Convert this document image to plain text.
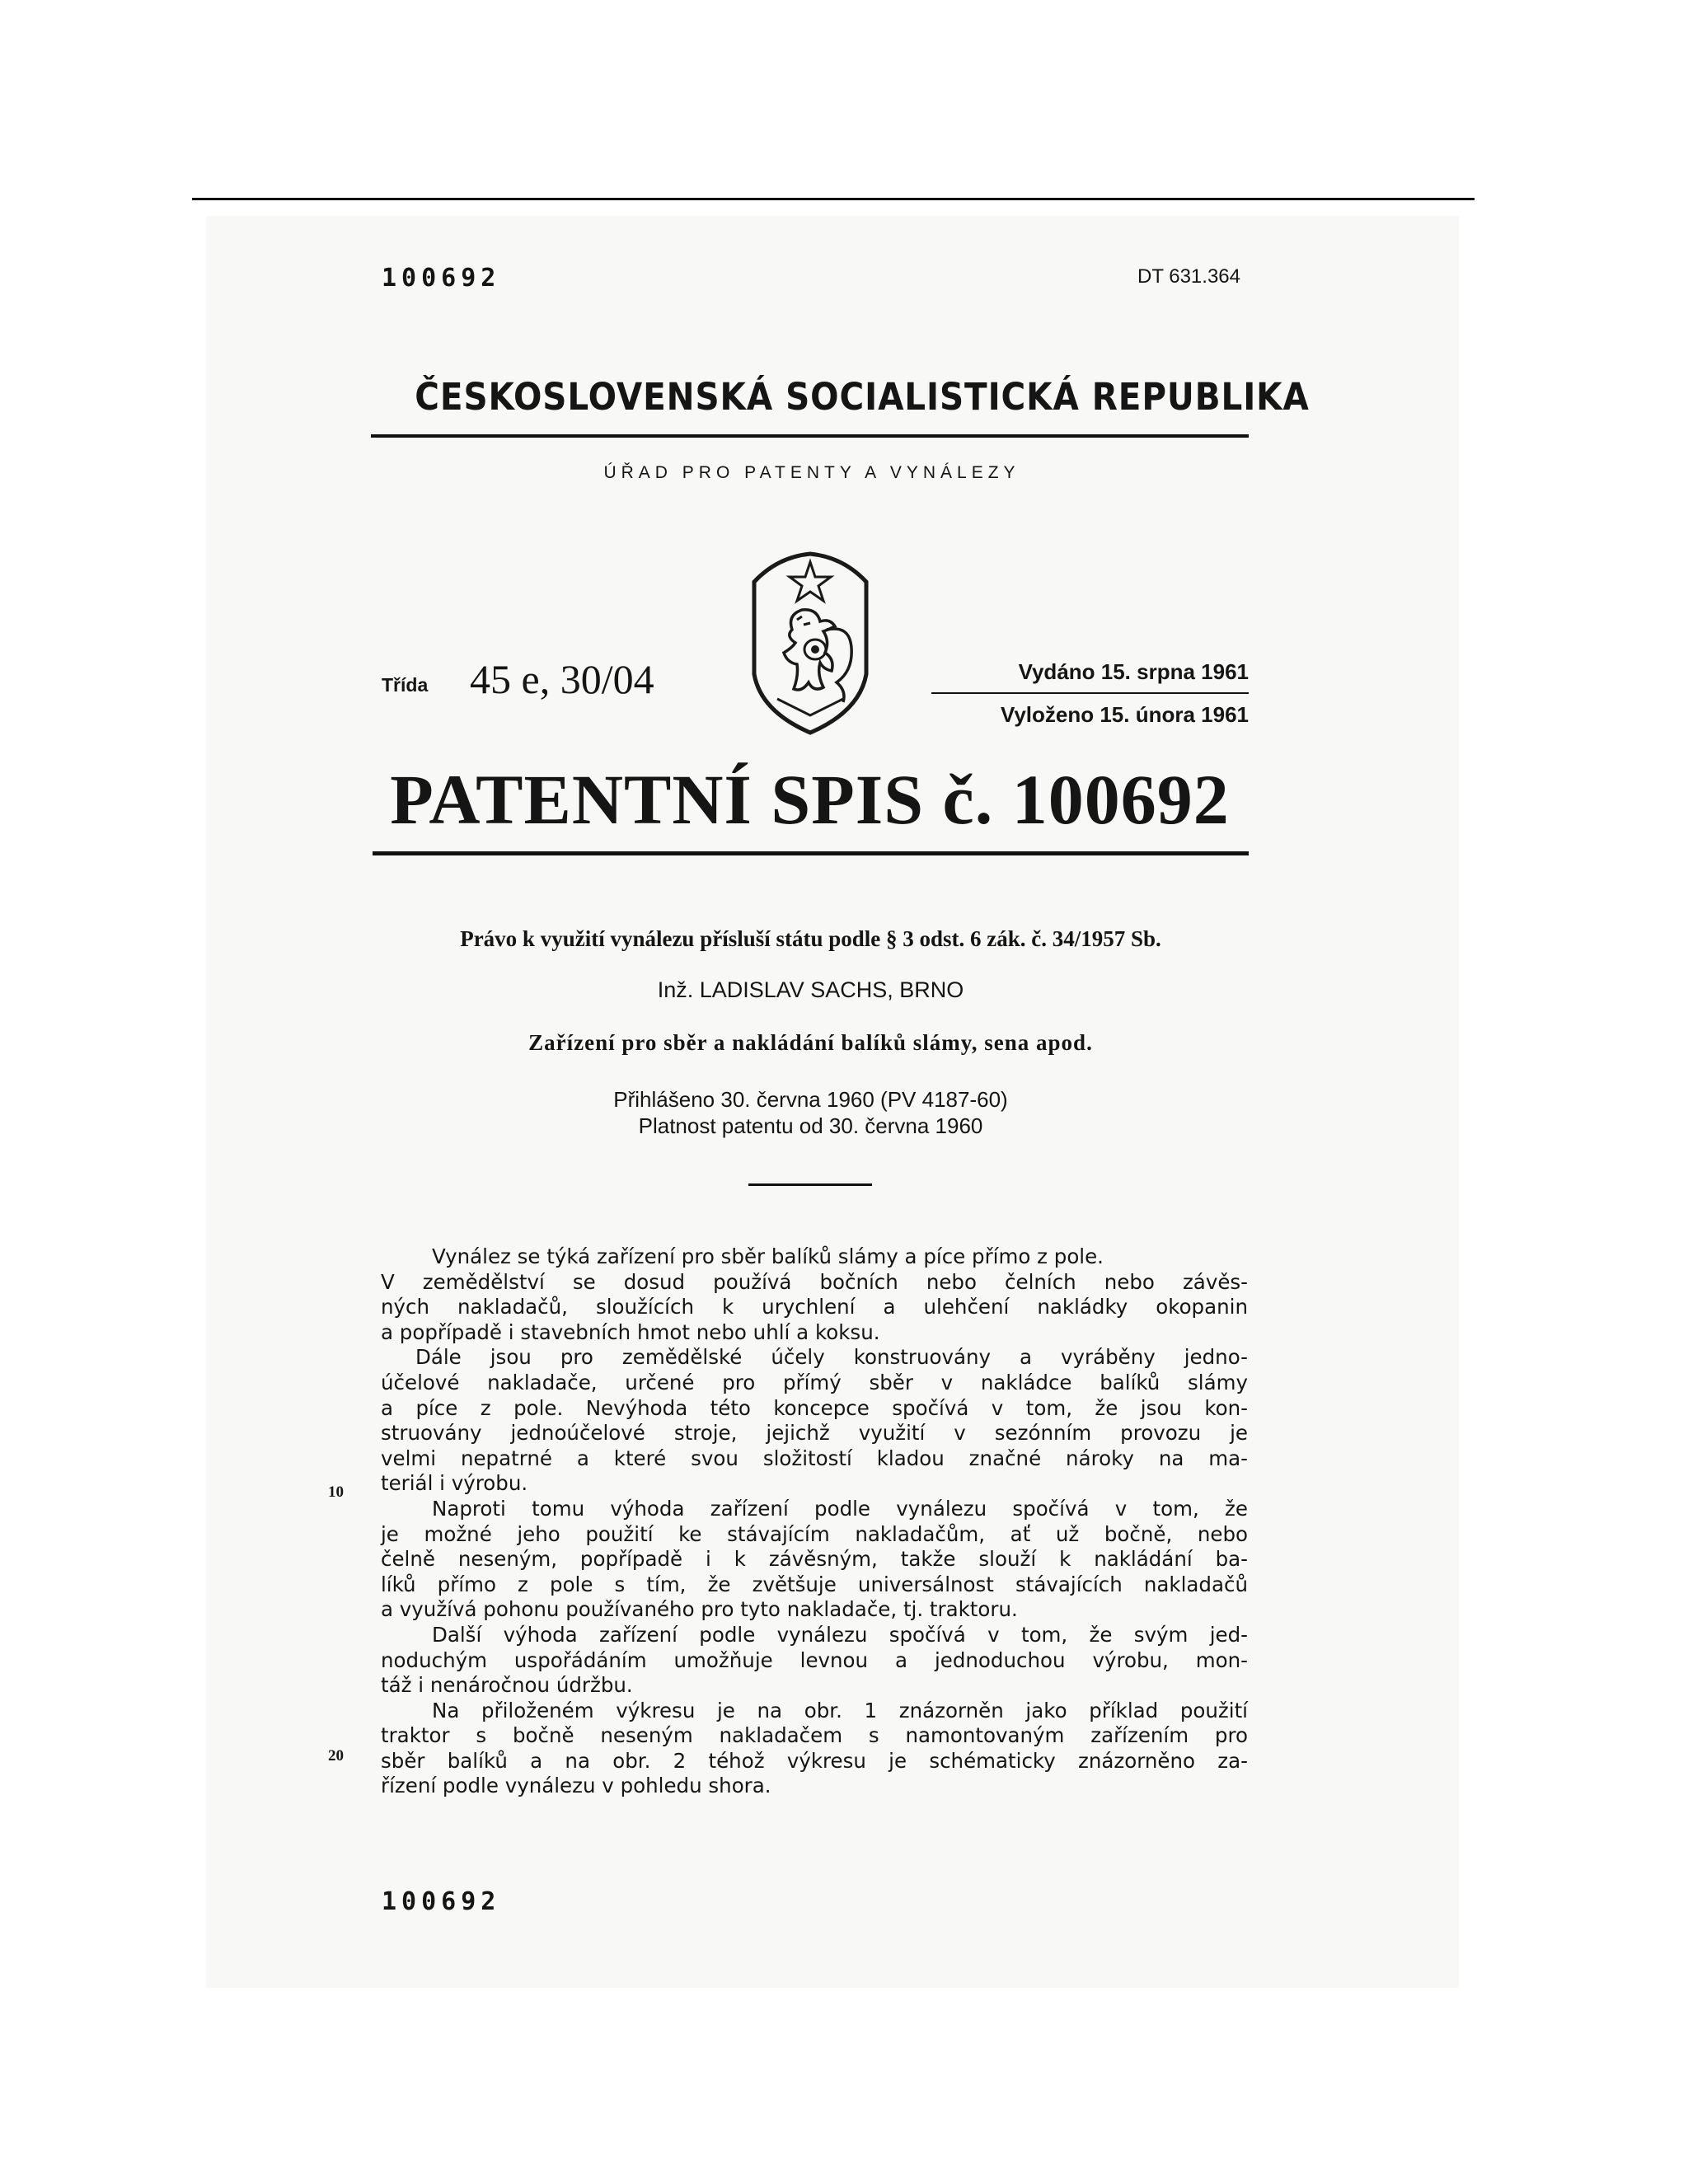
100692	DT 631.364
ČESKOSLOVENSKÁ SOCIALISTICKÁ REPUBLIKA
ÚŘAD PRO PATENTY A VYNÁLEZY
Třída 45 e, 30/04	Vydáno 15. srpna 1961
Vyloženo 15. února 1961
PATENTNÍ SPIS č. 100692
Právo k využití vynálezu přísluší státu podle § 3 odst. 6 zák. č. 34/1957 Sb.
Inž. LADISLAV SACHS, BRNO
Zařízení pro sběr a nakládání balíků slámy, sena apod.
Přihlášeno 30. června 1960 (PV 4187-60)
Platnost patentu od 30. června 1960
Vynález se týká zařízení pro sběr balíků slámy a píce přímo z pole.
V zemědělství se dosud používá bočních nebo čelních nebo závěs-
ných nakladačů, sloužících k urychlení a ulehčení nakládky okopanin
a popřípadě i stavebních hmot nebo uhlí a koksu.
Dále jsou pro zemědělské účely konstruovány a vyráběny jedno-
účelové nakladače, určené pro přímý sběr v nakládce balíků slámy
a píce z pole. Nevýhoda této koncepce spočívá v tom, že jsou kon-
struovány jednoúčelové stroje, jejichž využití v sezónním provozu je
velmi nepatrné a které svou složitostí kladou značné nároky na ma-
teriál i výrobu.
Naproti tomu výhoda zařízení podle vynálezu spočívá v tom, že
je možné jeho použití ke stávajícím nakladačům, ať už bočně, nebo
čelně neseným, popřípadě i k závěsným, takže slouží k nakládání ba-
líků přímo z pole s tím, že zvětšuje universálnost stávajících nakladačů
a využívá pohonu používaného pro tyto nakladače, tj. traktoru.
Další výhoda zařízení podle vynálezu spočívá v tom, že svým jed-
noduchým uspořádáním umožňuje levnou a jednoduchou výrobu, mon-
táž i nenáročnou údržbu.
Na přiloženém výkresu je na obr. 1 znázorněn jako příklad použití
traktor s bočně neseným nakladačem s namontovaným zařízením pro
sběr balíků a na obr. 2 téhož výkresu je schématicky znázorněno za-
řízení podle vynálezu v pohledu shora.
10
20
100692
